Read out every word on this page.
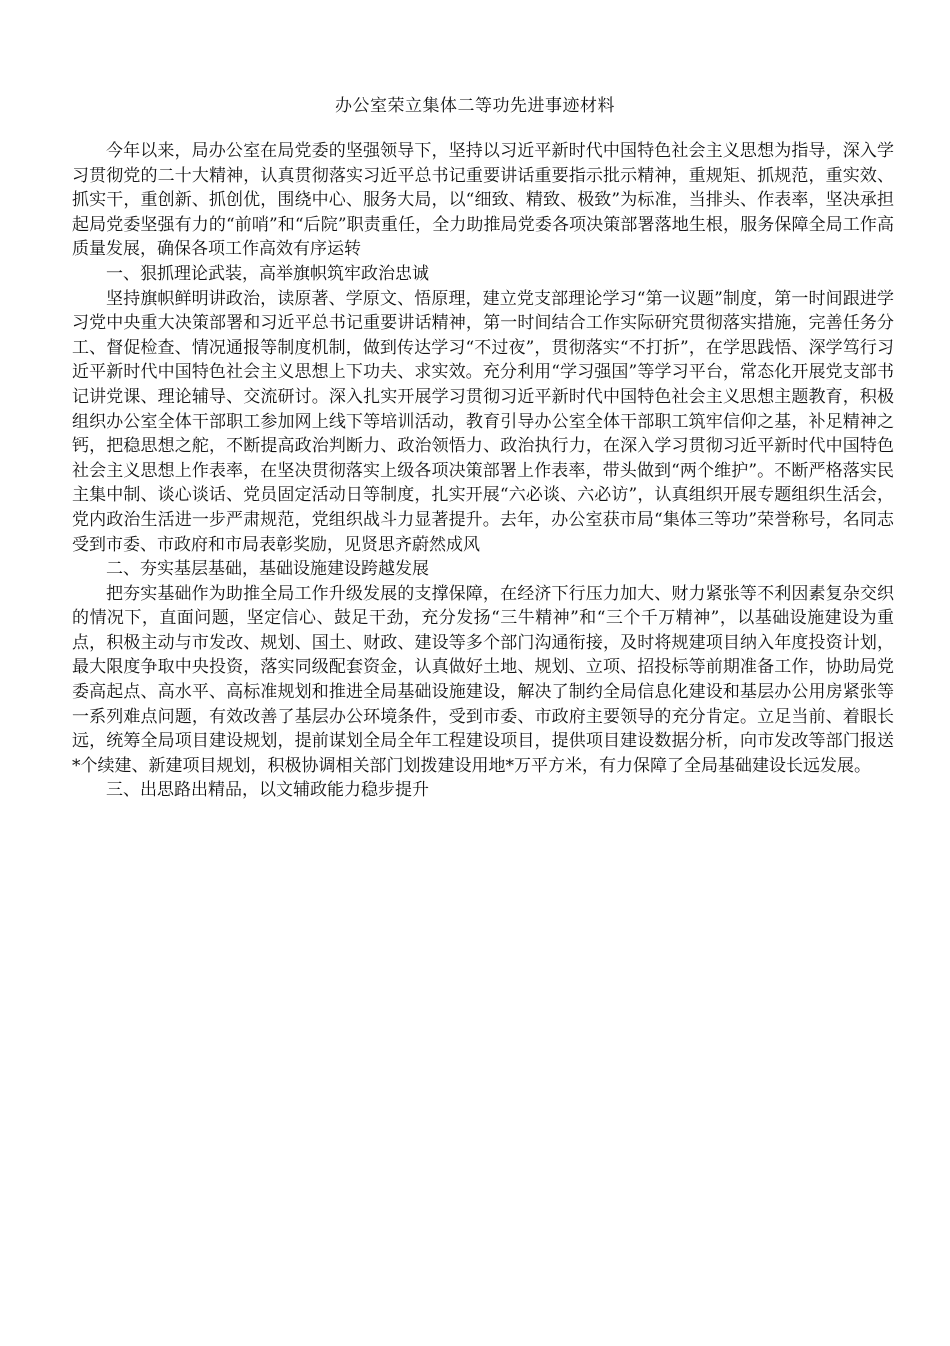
办公室荣立集体二等功先进事迹材料

今年以来，局办公室在局党委的坚强领导下，坚持以习近平新时代中国特色社会主义思想为指导，深入学习贯彻党的二十大精神，认真贯彻落实习近平总书记重要讲话重要指示批示精神，重规矩、抓规范，重实效、抓实干，重创新、抓创优，围绕中心、服务大局，以“细致、精致、极致”为标准，当排头、作表率，坚决承担起局党委坚强有力的“前哨”和“后院”职责重任，全力助推局党委各项决策部署落地生根，服务保障全局工作高质量发展，确保各项工作高效有序运转

一、狠抓理论武装，高举旗帜筑牢政治忠诚

坚持旗帜鲜明讲政治，读原著、学原文、悟原理，建立党支部理论学习“第一议题”制度，第一时间跟进学习党中央重大决策部署和习近平总书记重要讲话精神，第一时间结合工作实际研究贯彻落实措施，完善任务分工、督促检查、情况通报等制度机制，做到传达学习“不过夜”，贯彻落实“不打折”，在学思践悟、深学笃行习近平新时代中国特色社会主义思想上下功夫、求实效。充分利用“学习强国”等学习平台，常态化开展党支部书记讲党课、理论辅导、交流研讨。深入扎实开展学习贯彻习近平新时代中国特色社会主义思想主题教育，积极组织办公室全体干部职工参加网上线下等培训活动，教育引导办公室全体干部职工筑牢信仰之基，补足精神之钙，把稳思想之舵，不断提高政治判断力、政治领悟力、政治执行力，在深入学习贯彻习近平新时代中国特色社会主义思想上作表率，在坚决贯彻落实上级各项决策部署上作表率，带头做到“两个维护”。不断严格落实民主集中制、谈心谈话、党员固定活动日等制度，扎实开展“六必谈、六必访”，认真组织开展专题组织生活会，党内政治生活进一步严肃规范，党组织战斗力显著提升。去年，办公室获市局“集体三等功”荣誉称号，名同志受到市委、市政府和市局表彰奖励，见贤思齐蔚然成风

二、夯实基层基础，基础设施建设跨越发展

把夯实基础作为助推全局工作升级发展的支撑保障，在经济下行压力加大、财力紧张等不利因素复杂交织的情况下，直面问题，坚定信心、鼓足干劲，充分发扬“三牛精神”和“三个千万精神”，以基础设施建设为重点，积极主动与市发改、规划、国土、财政、建设等多个部门沟通衔接，及时将规建项目纳入年度投资计划，最大限度争取中央投资，落实同级配套资金，认真做好土地、规划、立项、招投标等前期准备工作，协助局党委高起点、高水平、高标准规划和推进全局基础设施建设，解决了制约全局信息化建设和基层办公用房紧张等一系列难点问题，有效改善了基层办公环境条件，受到市委、市政府主要领导的充分肯定。立足当前、着眼长远，统筹全局项目建设规划，提前谋划全局全年工程建设项目，提供项目建设数据分析，向市发改等部门报送*个续建、新建项目规划，积极协调相关部门划拨建设用地*万平方米，有力保障了全局基础建设长远发展。

三、出思路出精品，以文辅政能力稳步提升
